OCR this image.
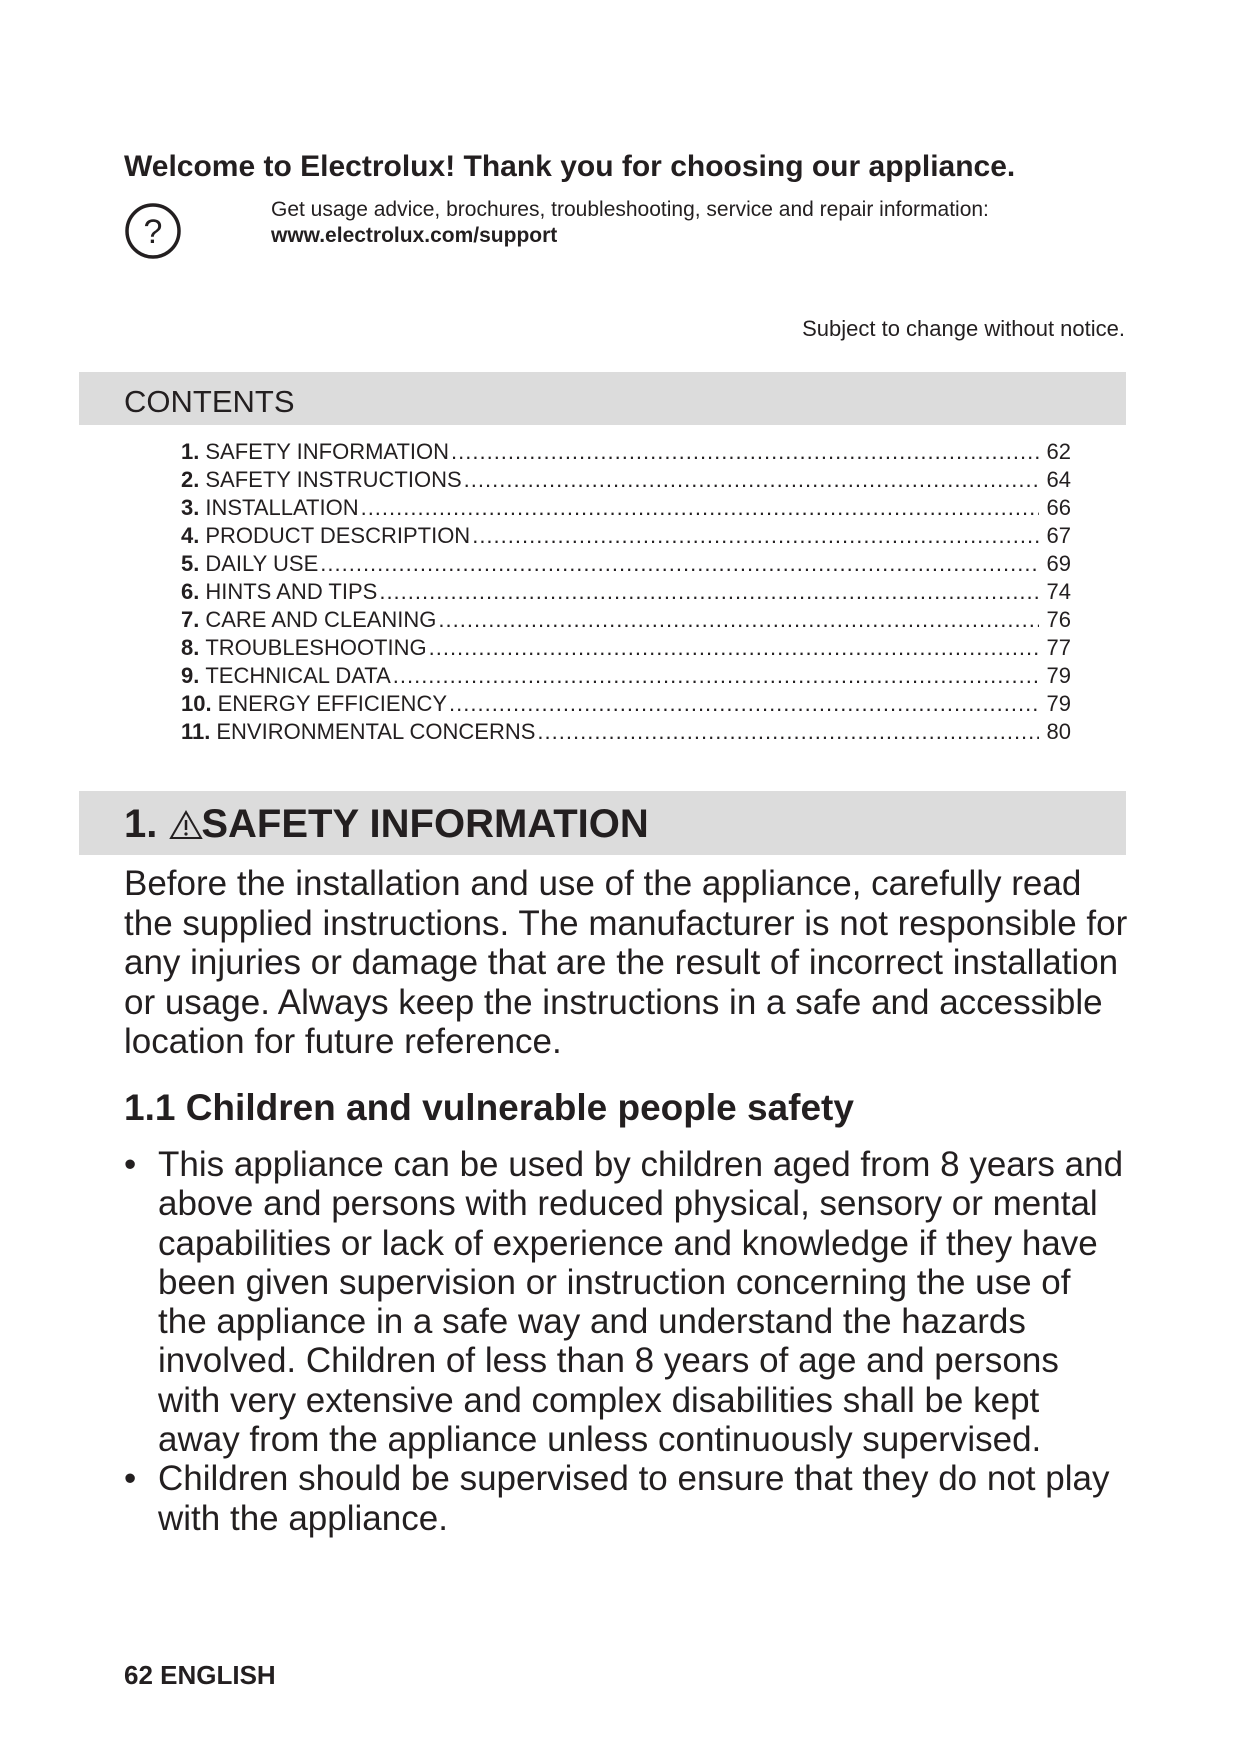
Welcome to Electrolux! Thank you for choosing our appliance.
?
Get usage advice, brochures, troubleshooting, service and repair information:
www.electrolux.com/support
Subject to change without notice.
CONTENTS
1. SAFETY INFORMATION .....	62
2. SAFETY INSTRUCTIONS .....	64
3. INSTALLATION .....	66
4. PRODUCT DESCRIPTION .....	67
5. DAILY USE .....	69
6. HINTS AND TIPS .....	74
7. CARE AND CLEANING .....	76
8. TROUBLESHOOTING .....	77
9. TECHNICAL DATA .....	79
10. ENERGY EFFICIENCY .....	79
11. ENVIRONMENTAL CONCERNS .....	80
1. SAFETY INFORMATION

Before the installation and use of the appliance, carefully read the supplied instructions. The manufacturer is not responsible for any injuries or damage that are the result of incorrect installation or usage. Always keep the instructions in a safe and accessible location for future reference.

1.1 Children and vulnerable people safety
• This appliance can be used by children aged from 8 years and above and persons with reduced physical, sensory or mental capabilities or lack of experience and knowledge if they have been given supervision or instruction concerning the use of the appliance in a safe way and understand the hazards involved. Children of less than 8 years of age and persons with very extensive and complex disabilities shall be kept away from the appliance unless continuously supervised.
• Children should be supervised to ensure that they do not play with the appliance.
62 ENGLISH
